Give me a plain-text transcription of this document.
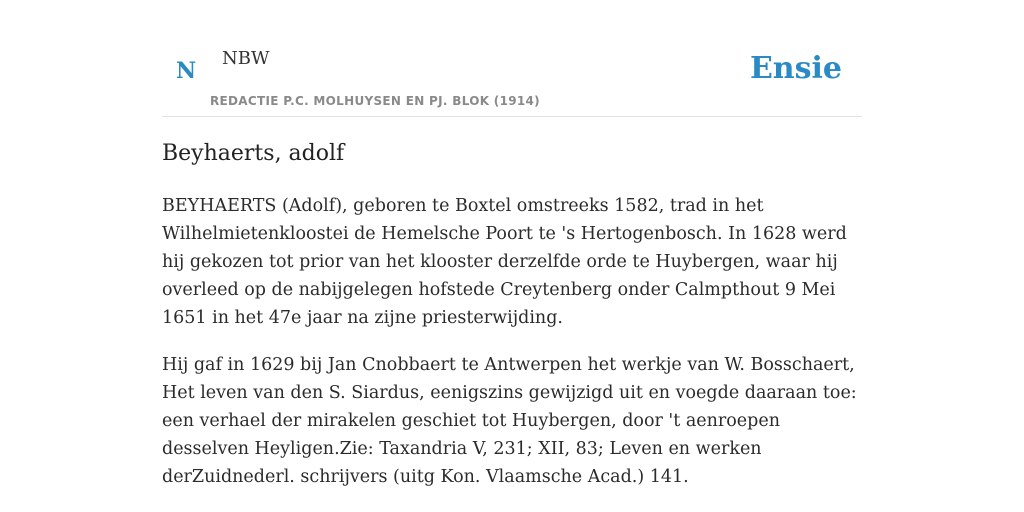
N NBW
REDACTIE P.C. MOLHUYSEN EN PJ. BLOK (1914)
Ensie
Beyhaerts, adolf

BEYHAERTS (Adolf), geboren te Boxtel omstreeks 1582, trad in het Wilhelmietenkloostei de Hemelsche Poort te 's Hertogenbosch. In 1628 werd hij gekozen tot prior van het klooster derzelfde orde te Huybergen, waar hij overleed op de nabijgelegen hofstede Creytenberg onder Calmpthout 9 Mei 1651 in het 47e jaar na zijne priesterwijding.

Hij gaf in 1629 bij Jan Cnobbaert te Antwerpen het werkje van W. Bosschaert, Het leven van den S. Siardus, eenigszins gewijzigd uit en voegde daaraan toe: een verhael der mirakelen geschiet tot Huybergen, door 't aenroepen desselven Heyligen.Zie: Taxandria V, 231; XII, 83; Leven en werken derZuidnederl. schrijvers (uitg Kon. Vlaamsche Acad.) 141.
